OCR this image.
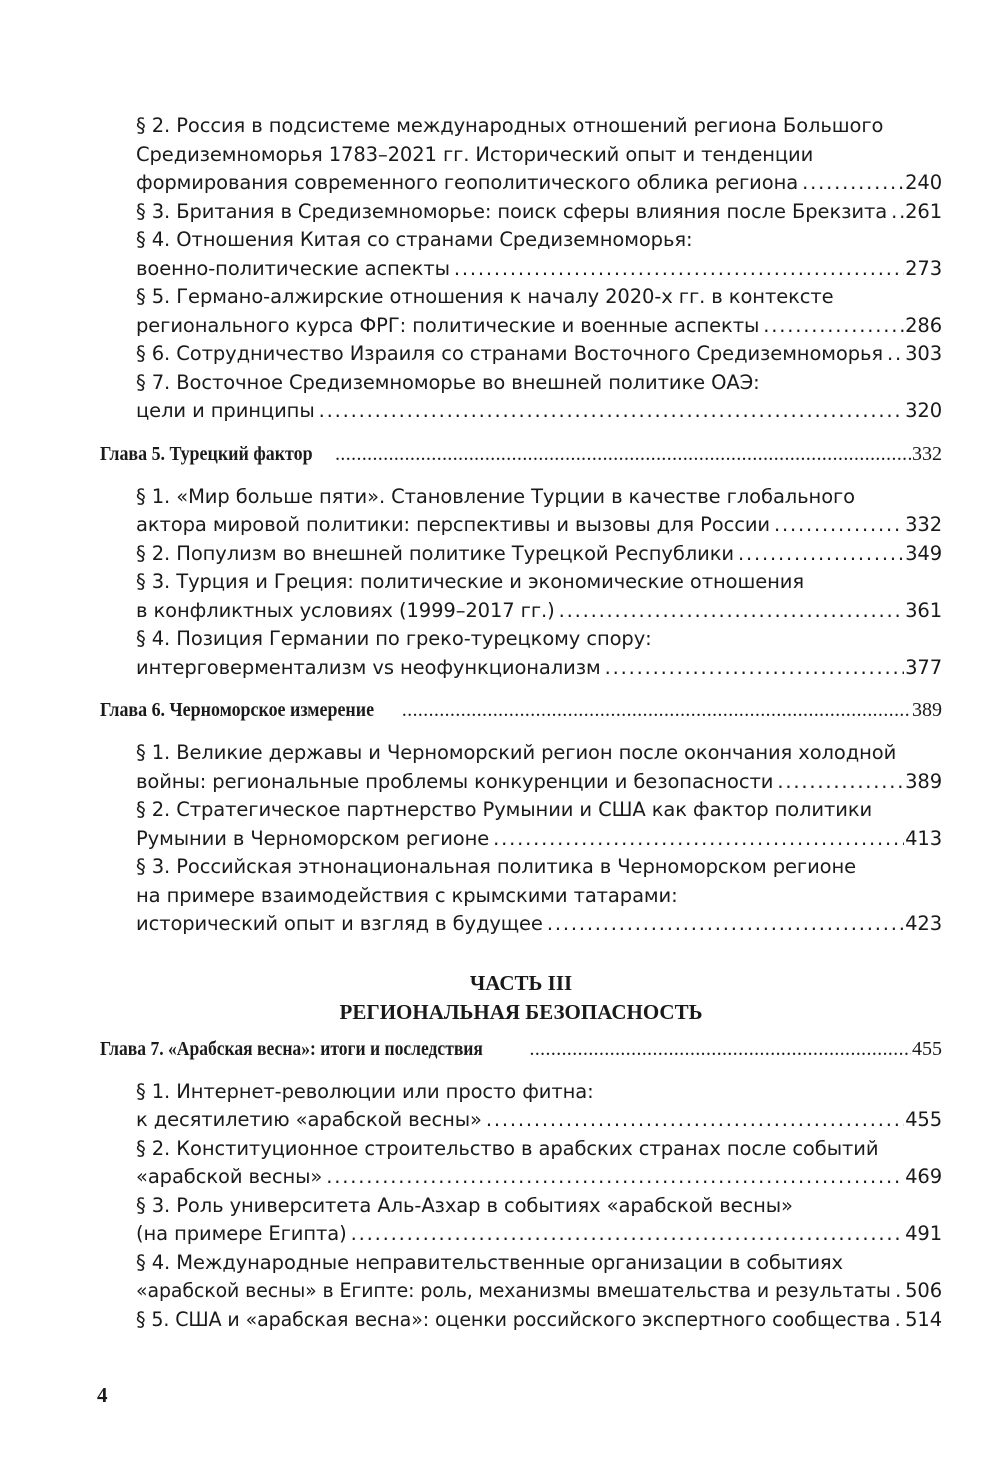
§ 2. Россия в подсистеме международных отношений региона Большого
Средиземноморья 1783–2021 гг. Исторический опыт и тенденции
формирования современного геополитического облика региона . . .	240
§ 3. Британия в Средиземноморье: поиск сферы влияния после Брекзита . . . 261
§ 4. Отношения Китая со странами Средиземноморья:
военно-политические аспекты . . .	273
§ 5. Германо-алжирские отношения к началу 2020-х гг. в контексте
регионального курса ФРГ: политические и военные аспекты . . .	286
§ 6. Сотрудничество Израиля со странами Восточного Средиземноморья . . . 303
§ 7. Восточное Средиземноморье во внешней политике ОАЭ:
цели и принципы . . .	320
Глава 5. Турецкий фактор . . .	332
§ 1. «Мир больше пяти». Становление Турции в качестве глобального
актора мировой политики: перспективы и вызовы для России . . .	332
§ 2. Популизм во внешней политике Турецкой Республики . . .	349
§ 3. Турция и Греция: политические и экономические отношения
в конфликтных условиях (1999–2017 гг.) . . .	361
§ 4. Позиция Германии по греко-турецкому спору:
интерговерментализм vs неофункционализм . . .	377
Глава 6. Черноморское измерение . . .	389
§ 1. Великие державы и Черноморский регион после окончания холодной
войны: региональные проблемы конкуренции и безопасности . . .	389
§ 2. Стратегическое партнерство Румынии и США как фактор политики
Румынии в Черноморском регионе . . .	413
§ 3. Российская этнонациональная политика в Черноморском регионе
на примере взаимодействия с крымскими татарами:
исторический опыт и взгляд в будущее . . .	423
ЧАСТЬ III
РЕГИОНАЛЬНАЯ БЕЗОПАСНОСТЬ
Глава 7. «Арабская весна»: итоги и последствия . . .	455
§ 1. Интернет-революции или просто фитна:
к десятилетию «арабской весны» . . .	455
§ 2. Конституционное строительство в арабских странах после событий
«арабской весны» . . .	469
§ 3. Роль университета Аль-Азхар в событиях «арабской весны»
(на примере Египта) . . .	491
§ 4. Международные неправительственные организации в событиях
«арабской весны» в Египте: роль, механизмы вмешательства и результаты . . . 506
§ 5. США и «арабская весна»: оценки российского экспертного сообщества . . . 514
4
